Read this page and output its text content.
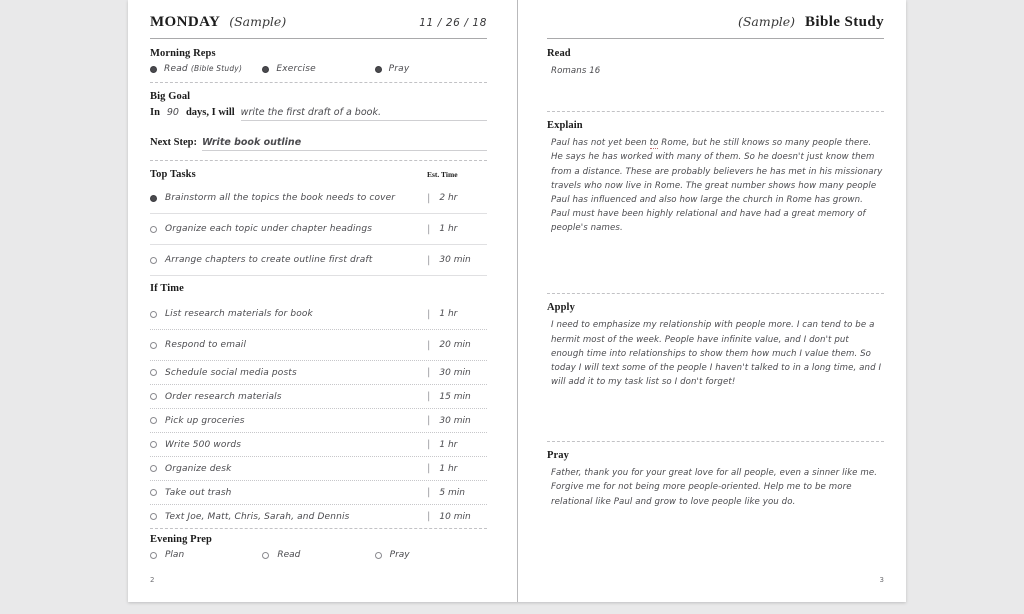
MONDAY (Sample)	11 / 26 / 18
Morning Reps
Read (Bible Study)	Exercise	Pray
Big Goal
In 90 days, I will write the first draft of a book.
Next Step: Write book outline
Top Tasks	Est. Time
Brainstorm all the topics the book needs to cover	| 2 hr
Organize each topic under chapter headings	| 1 hr
Arrange chapters to create outline first draft	| 30 min
If Time
List research materials for book	| 1 hr
Respond to email	| 20 min
Schedule social media posts	| 30 min
Order research materials	| 15 min
Pick up groceries	| 30 min
Write 500 words	| 1 hr
Organize desk	| 1 hr
Take out trash	| 5 min
Text Joe, Matt, Chris, Sarah, and Dennis	| 10 min
Evening Prep
Plan	Read	Pray
2
(Sample) Bible Study
Read
Romans 16
Explain
Paul has not yet been to Rome, but he still knows so many people there. He says he has worked with many of them. So he doesn't just know them from a distance. These are probably believers he has met in his missionary travels who now live in Rome. The great number shows how many people Paul has influenced and also how large the church in Rome has grown. Paul must have been highly relational and have had a great memory of people's names.
Apply
I need to emphasize my relationship with people more. I can tend to be a hermit most of the week. People have infinite value, and I don't put enough time into relationships to show them how much I value them. So today I will text some of the people I haven't talked to in a long time, and I will add it to my task list so I don't forget!
Pray
Father, thank you for your great love for all people, even a sinner like me. Forgive me for not being more people-oriented. Help me to be more relational like Paul and grow to love people like you do.
3
